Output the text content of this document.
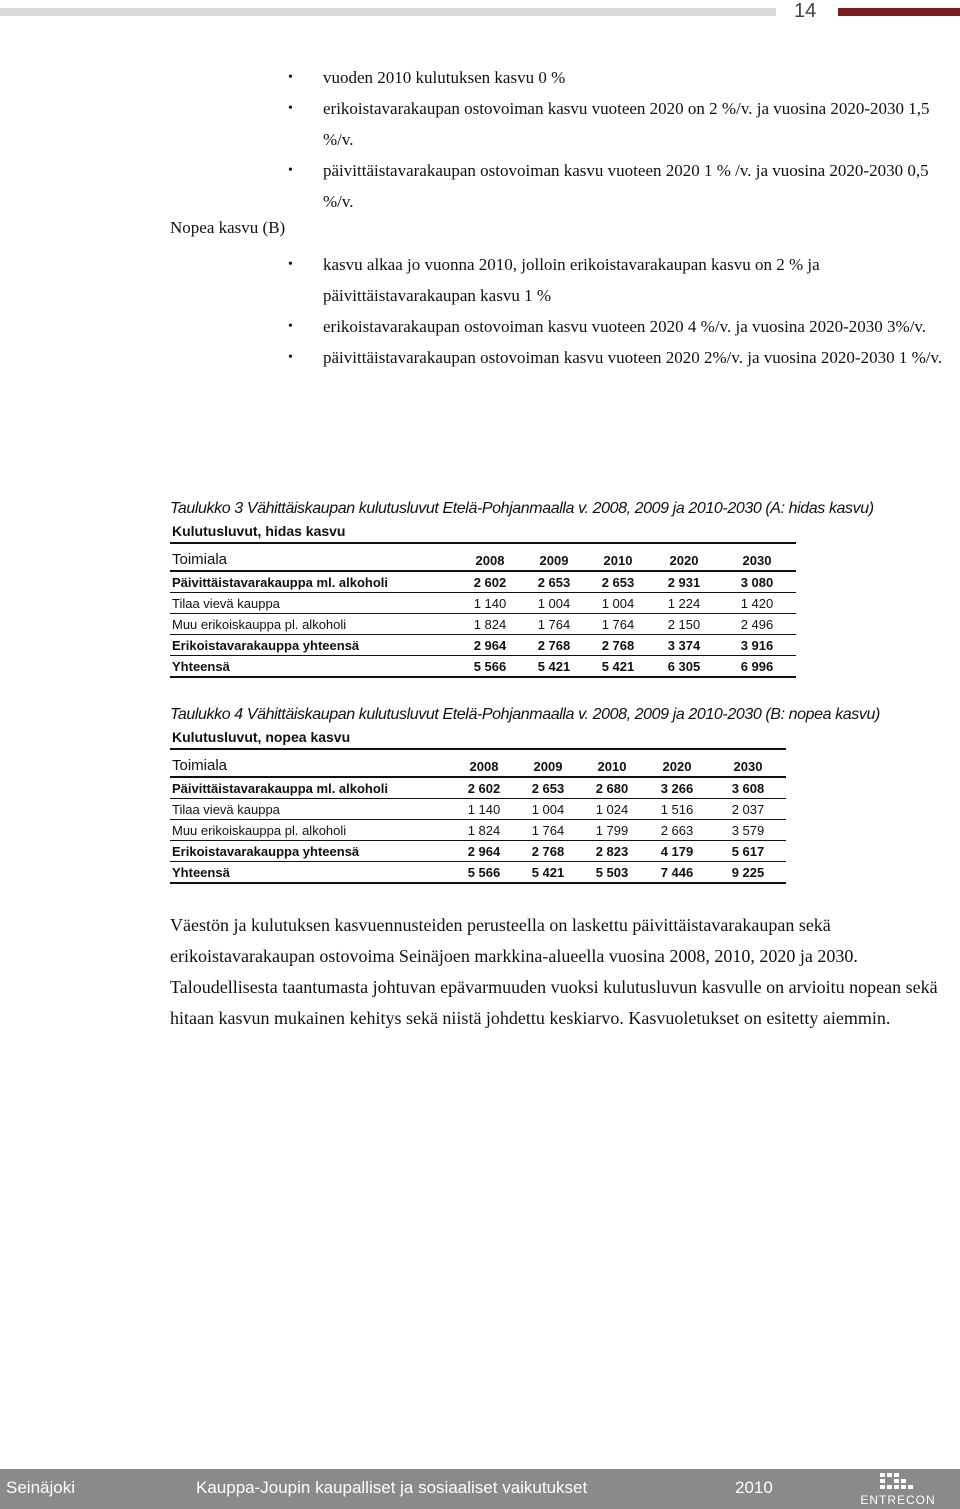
14
• vuoden 2010 kulutuksen kasvu 0 %
• erikoistavarakaupan ostovoiman kasvu vuoteen 2020 on 2 %/v. ja vuosina 2020-2030 1,5 %/v.
• päivittäistavarakaupan ostovoiman kasvu vuoteen 2020 1 % /v. ja vuosina 2020-2030 0,5 %/v.
Nopea kasvu (B)
• kasvu alkaa jo vuonna 2010, jolloin erikoistavarakaupan kasvu on 2 % ja päivittäistavarakaupan kasvu 1 %
• erikoistavarakaupan ostovoiman kasvu vuoteen 2020 4 %/v. ja vuosina 2020-2030 3%/v.
• päivittäistavarakaupan ostovoiman kasvu vuoteen 2020 2%/v. ja vuosina 2020-2030 1 %/v.
Taulukko 3 Vähittäiskaupan kulutusluvut Etelä-Pohjanmaalla v. 2008, 2009 ja 2010-2030 (A: hidas kasvu)
Kulutusluvut, hidas kasvu
Toimiala	2008	2009	2010	2020	2030
Päivittäistavarakauppa ml. alkoholi	2 602	2 653	2 653	2 931	3 080
Tilaa vievä kauppa	1 140	1 004	1 004	1 224	1 420
Muu erikoiskauppa pl. alkoholi	1 824	1 764	1 764	2 150	2 496
Erikoistavarakauppa yhteensä	2 964	2 768	2 768	3 374	3 916
Yhteensä	5 566	5 421	5 421	6 305	6 996
Taulukko 4 Vähittäiskaupan kulutusluvut Etelä-Pohjanmaalla v. 2008, 2009 ja 2010-2030 (B: nopea kasvu)
Kulutusluvut, nopea kasvu
Toimiala	2008	2009	2010	2020	2030
Päivittäistavarakauppa ml. alkoholi	2 602	2 653	2 680	3 266	3 608
Tilaa vievä kauppa	1 140	1 004	1 024	1 516	2 037
Muu erikoiskauppa pl. alkoholi	1 824	1 764	1 799	2 663	3 579
Erikoistavarakauppa yhteensä	2 964	2 768	2 823	4 179	5 617
Yhteensä	5 566	5 421	5 503	7 446	9 225
Väestön ja kulutuksen kasvuennusteiden perusteella on laskettu päivittäistavarakaupan sekä erikoistavarakaupan ostovoima Seinäjoen markkina-alueella vuosina 2008, 2010, 2020 ja 2030. Taloudellisesta taantumasta johtuvan epävarmuuden vuoksi kulutusluvun kasvulle on arvioitu nopean sekä hitaan kasvun mukainen kehitys sekä niistä johdettu keskiarvo. Kasvuoletukset on esitetty aiemmin.
Seinäjoki	Kauppa-Joupin kaupalliset ja sosiaaliset vaikutukset	2010
ENTRECON
